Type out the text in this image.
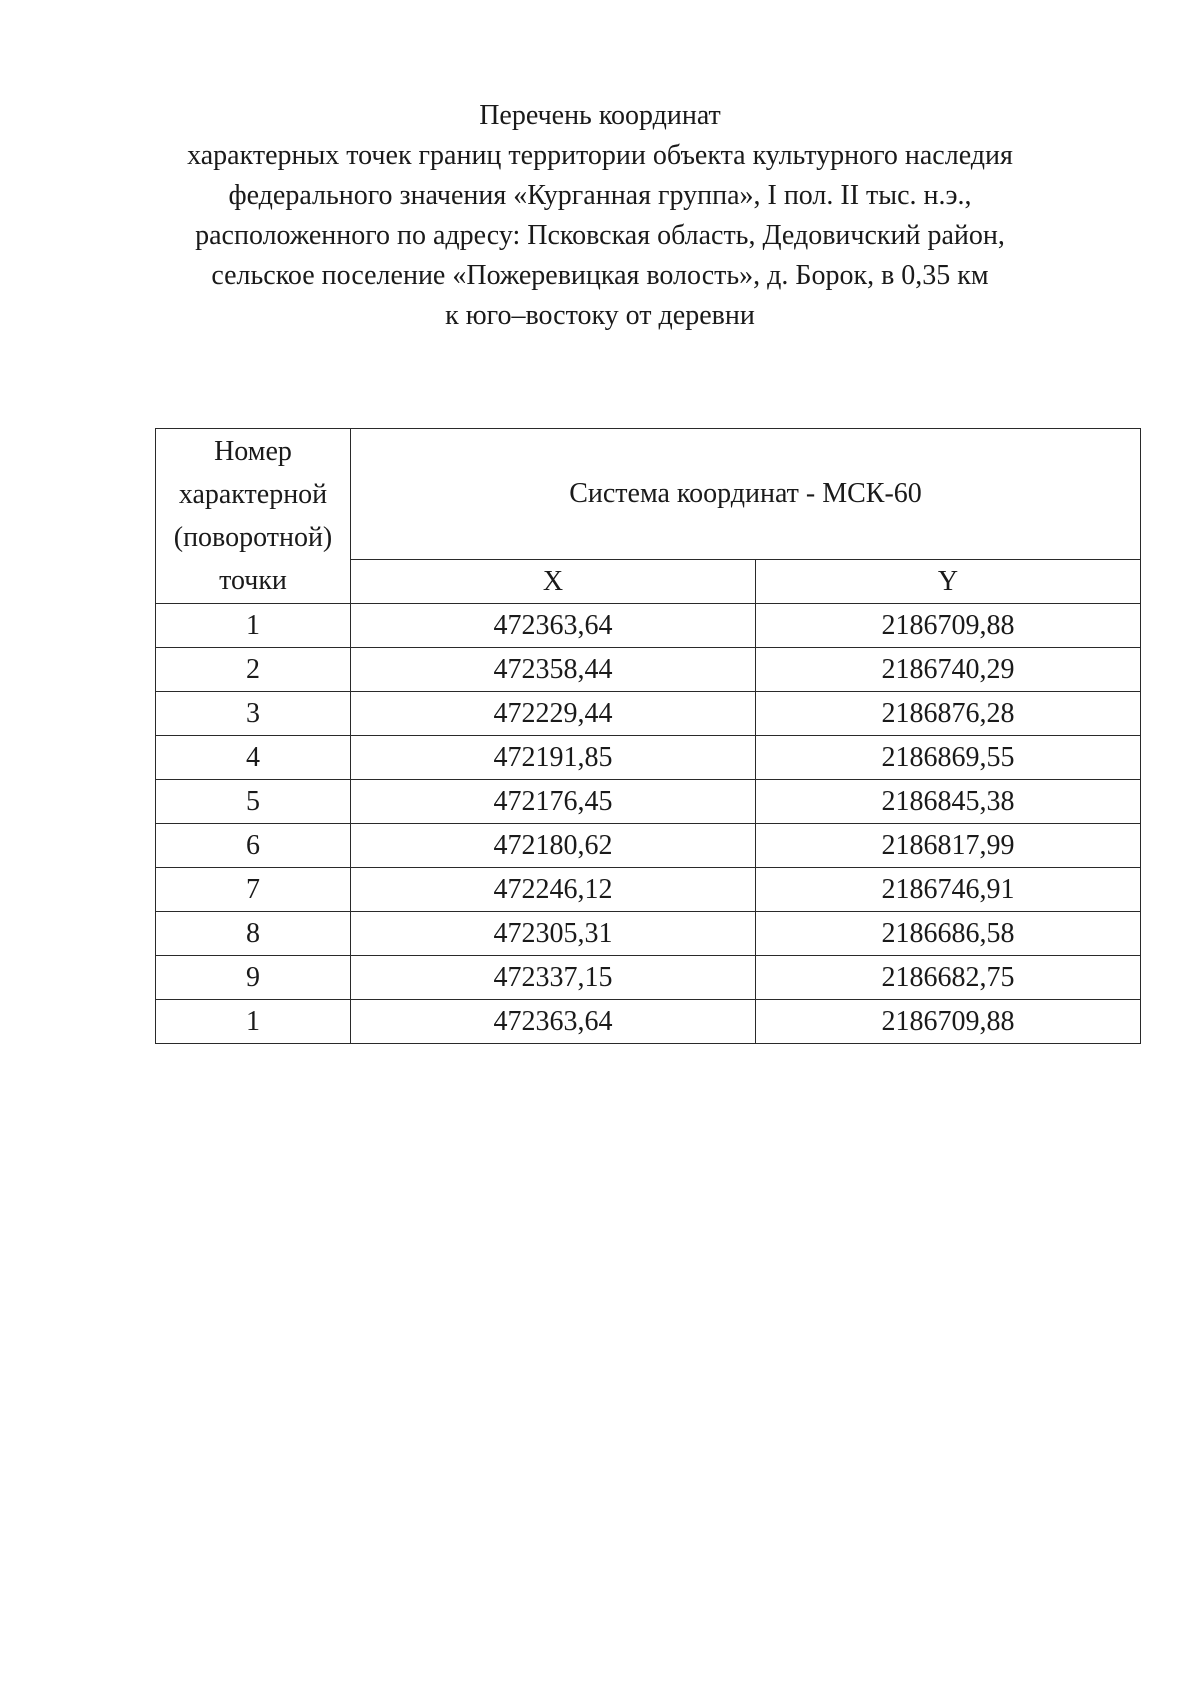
Перечень координат
характерных точек границ территории объекта культурного наследия
федерального значения «Курганная группа», I пол. II тыс. н.э.,
расположенного по адресу: Псковская область, Дедовичский район,
сельское поселение «Пожеревицкая волость», д. Борок, в 0,35 км
к юго–востоку от деревни
Номер
характерной
(поворотной)
точки	Система координат - МСК-60	
	X	Y
1	472363,64	2186709,88
2	472358,44	2186740,29
3	472229,44	2186876,28
4	472191,85	2186869,55
5	472176,45	2186845,38
6	472180,62	2186817,99
7	472246,12	2186746,91
8	472305,31	2186686,58
9	472337,15	2186682,75
1	472363,64	2186709,88
